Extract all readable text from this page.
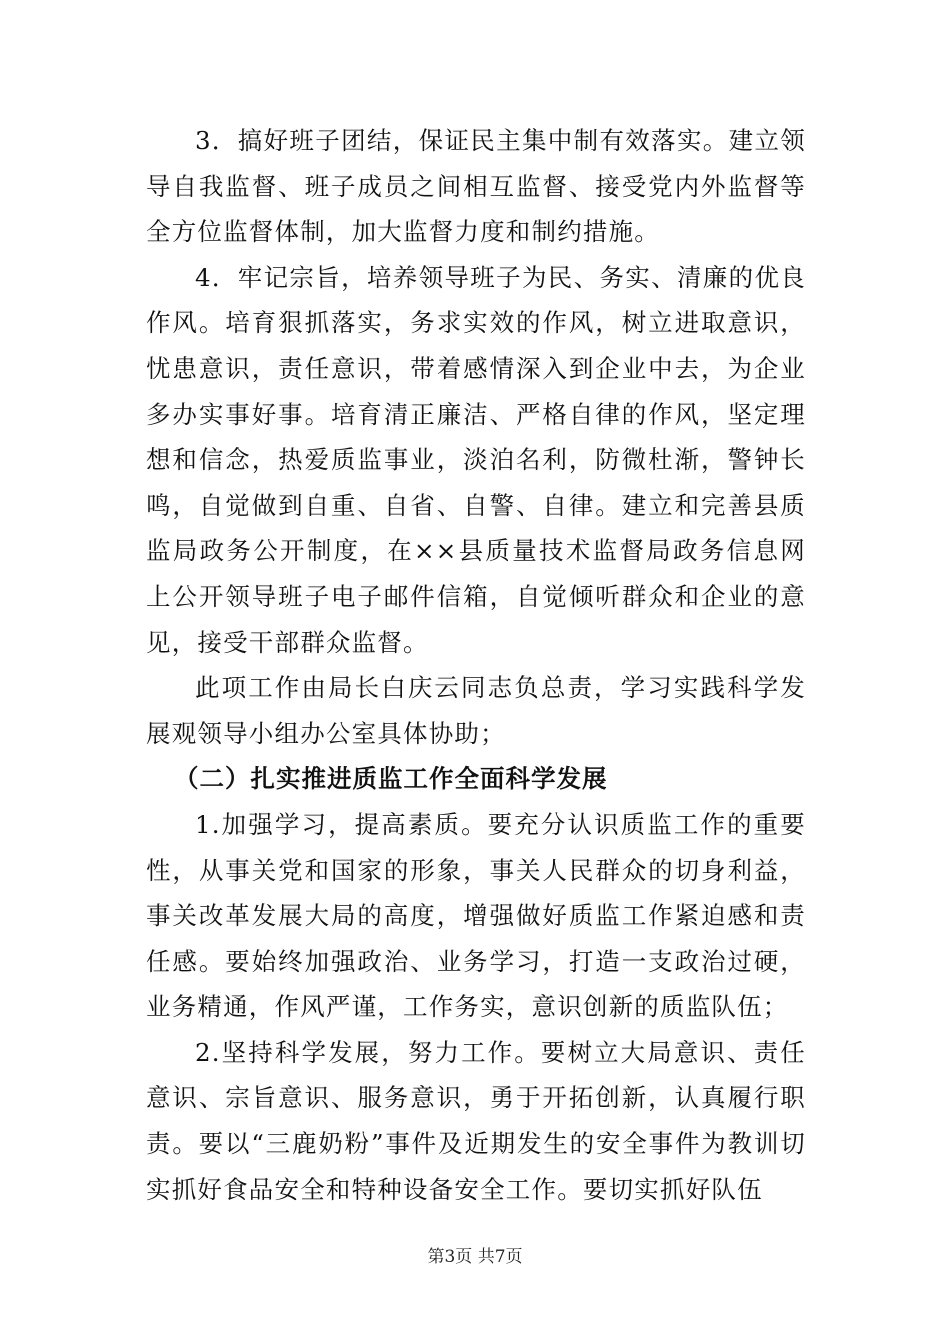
3．搞好班子团结，保证民主集中制有效落实。建立领导自我监督、班子成员之间相互监督、接受党内外监督等全方位监督体制，加大监督力度和制约措施。

4．牢记宗旨，培养领导班子为民、务实、清廉的优良作风。培育狠抓落实，务求实效的作风，树立进取意识，忧患意识，责任意识，带着感情深入到企业中去，为企业多办实事好事。培育清正廉洁、严格自律的作风，坚定理想和信念，热爱质监事业，淡泊名利，防微杜渐，警钟长鸣，自觉做到自重、自省、自警、自律。建立和完善县质监局政务公开制度，在××县质量技术监督局政务信息网上公开领导班子电子邮件信箱，自觉倾听群众和企业的意见，接受干部群众监督。

此项工作由局长白庆云同志负总责，学习实践科学发展观领导小组办公室具体协助；

（二）扎实推进质监工作全面科学发展

1.加强学习，提高素质。要充分认识质监工作的重要性，从事关党和国家的形象，事关人民群众的切身利益，事关改革发展大局的高度，增强做好质监工作紧迫感和责任感。要始终加强政治、业务学习，打造一支政治过硬，业务精通，作风严谨，工作务实，意识创新的质监队伍；

2.坚持科学发展，努力工作。要树立大局意识、责任意识、宗旨意识、服务意识，勇于开拓创新，认真履行职责。要以“三鹿奶粉”事件及近期发生的安全事件为教训切实抓好食品安全和特种设备安全工作。要切实抓好队伍

第3页 共7页
